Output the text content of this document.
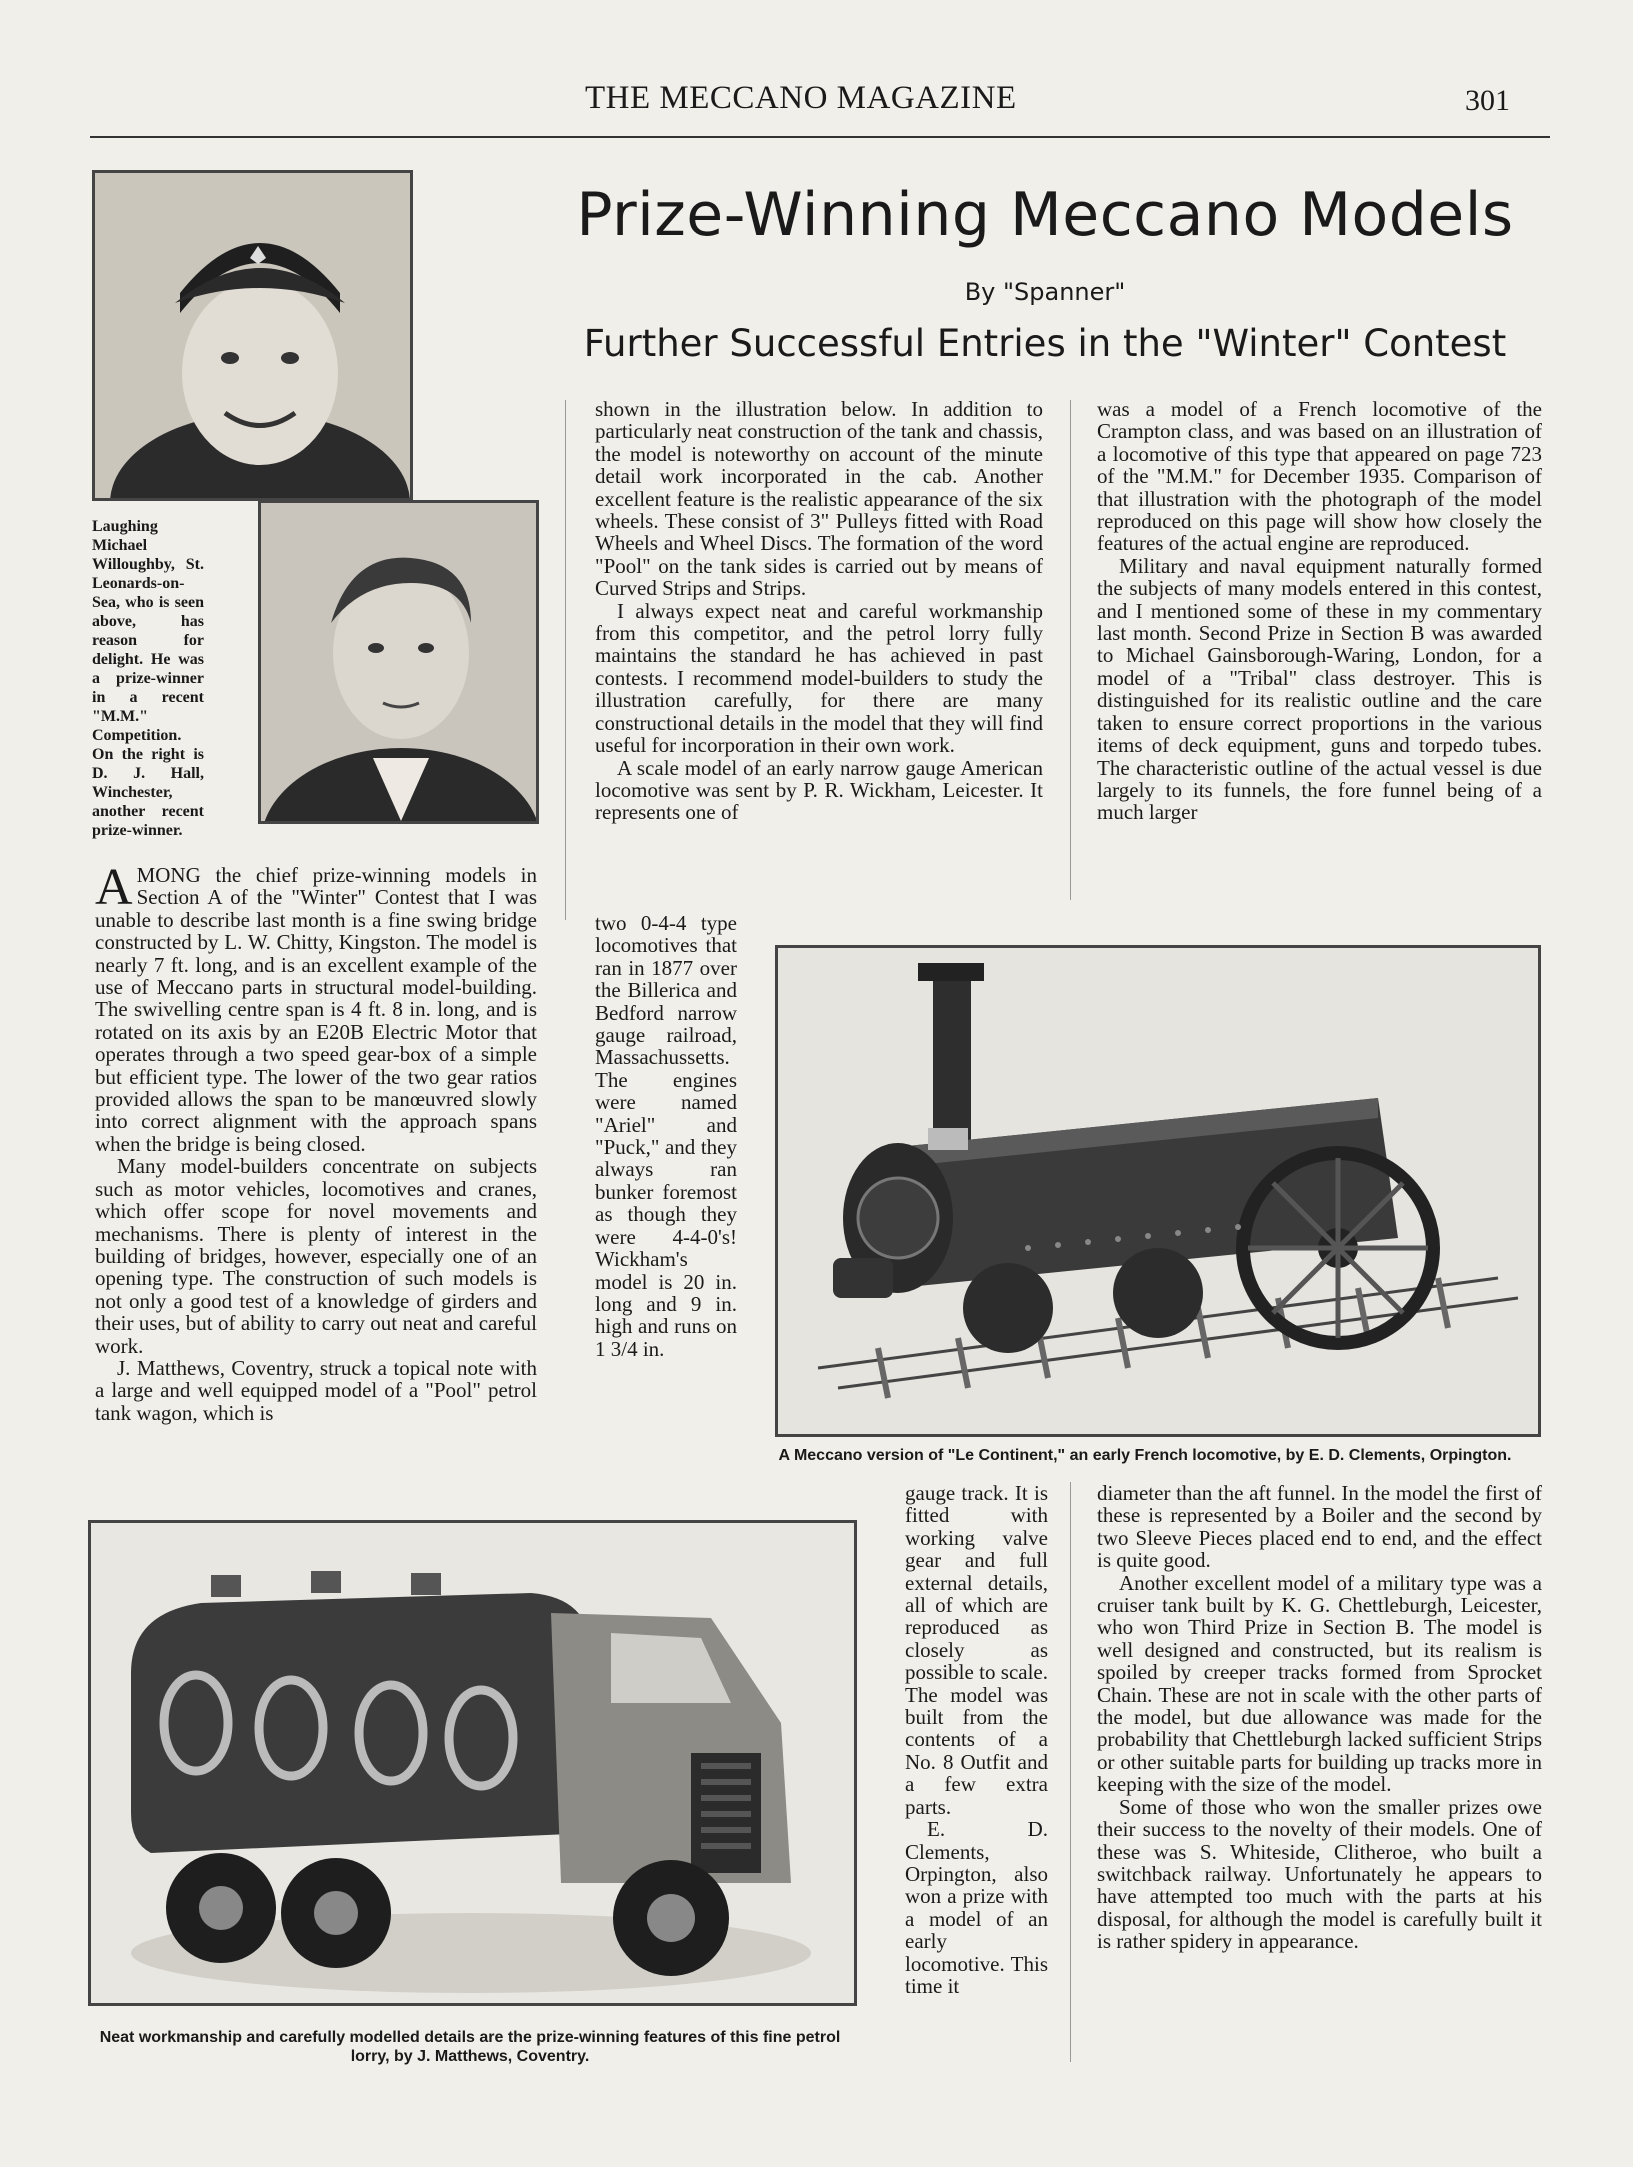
THE MECCANO MAGAZINE	301
Prize-Winning Meccano Models
By "Spanner"
Further Successful Entries in the "Winter" Contest
Laughing Michael Willoughby, St. Leonards-on-Sea, who is seen above, has reason for delight. He was a prize-winner in a recent "M.M." Competition. On the right is D. J. Hall, Winchester, another recent prize-winner.

AMONG the chief prize-winning models in Section A of the "Winter" Contest that I was unable to describe last month is a fine swing bridge constructed by L. W. Chitty, Kingston. The model is nearly 7 ft. long, and is an excellent example of the use of Meccano parts in structural model-building. The swivelling centre span is 4 ft. 8 in. long, and is rotated on its axis by an E20B Electric Motor that operates through a two speed gear-box of a simple but efficient type. The lower of the two gear ratios provided allows the span to be manœuvred slowly into correct alignment with the approach spans when the bridge is being closed.

Many model-builders concentrate on subjects such as motor vehicles, locomotives and cranes, which offer scope for novel movements and mechanisms. There is plenty of interest in the building of bridges, however, especially one of an opening type. The construction of such models is not only a good test of a knowledge of girders and their uses, but of ability to carry out neat and careful work.

J. Matthews, Coventry, struck a topical note with a large and well equipped model of a "Pool" petrol tank wagon, which is

shown in the illustration below. In addition to particularly neat construction of the tank and chassis, the model is noteworthy on account of the minute detail work incorporated in the cab. Another excellent feature is the realistic appearance of the six wheels. These consist of 3" Pulleys fitted with Road Wheels and Wheel Discs. The formation of the word "Pool" on the tank sides is carried out by means of Curved Strips and Strips.

I always expect neat and careful workmanship from this competitor, and the petrol lorry fully maintains the standard he has achieved in past contests. I recommend model-builders to study the illustration carefully, for there are many constructional details in the model that they will find useful for incorporation in their own work.

A scale model of an early narrow gauge American locomotive was sent by P. R. Wickham, Leicester. It represents one of

two 0-4-4 type locomotives that ran in 1877 over the Billerica and Bedford narrow gauge railroad, Massachussetts. The engines were named "Ariel" and "Puck," and they always ran bunker foremost as though they were 4-4-0's! Wickham's model is 20 in. long and 9 in. high and runs on 1 3/4 in.

was a model of a French locomotive of the Crampton class, and was based on an illustration of a locomotive of this type that appeared on page 723 of the "M.M." for December 1935. Comparison of that illustration with the photograph of the model reproduced on this page will show how closely the features of the actual engine are reproduced.

Military and naval equipment naturally formed the subjects of many models entered in this contest, and I mentioned some of these in my commentary last month. Second Prize in Section B was awarded to Michael Gainsborough-Waring, London, for a model of a "Tribal" class destroyer. This is distinguished for its realistic outline and the care taken to ensure correct proportions in the various items of deck equipment, guns and torpedo tubes. The characteristic outline of the actual vessel is due largely to its funnels, the fore funnel being of a much larger

A Meccano version of "Le Continent," an early French locomotive, by E. D. Clements, Orpington.
Neat workmanship and carefully modelled details are the prize-winning features of this fine petrol lorry, by J. Matthews, Coventry.

gauge track. It is fitted with working valve gear and full external details, all of which are reproduced as closely as possible to scale. The model was built from the contents of a No. 8 Outfit and a few extra parts.

E. D. Clements, Orpington, also won a prize with a model of an early locomotive. This time it

diameter than the aft funnel. In the model the first of these is represented by a Boiler and the second by two Sleeve Pieces placed end to end, and the effect is quite good.

Another excellent model of a military type was a cruiser tank built by K. G. Chettleburgh, Leicester, who won Third Prize in Section B. The model is well designed and constructed, but its realism is spoiled by creeper tracks formed from Sprocket Chain. These are not in scale with the other parts of the model, but due allowance was made for the probability that Chettleburgh lacked sufficient Strips or other suitable parts for building up tracks more in keeping with the size of the model.

Some of those who won the smaller prizes owe their success to the novelty of their models. One of these was S. Whiteside, Clitheroe, who built a switchback railway. Unfortunately he appears to have attempted too much with the parts at his disposal, for although the model is carefully built it is rather spidery in appearance.
